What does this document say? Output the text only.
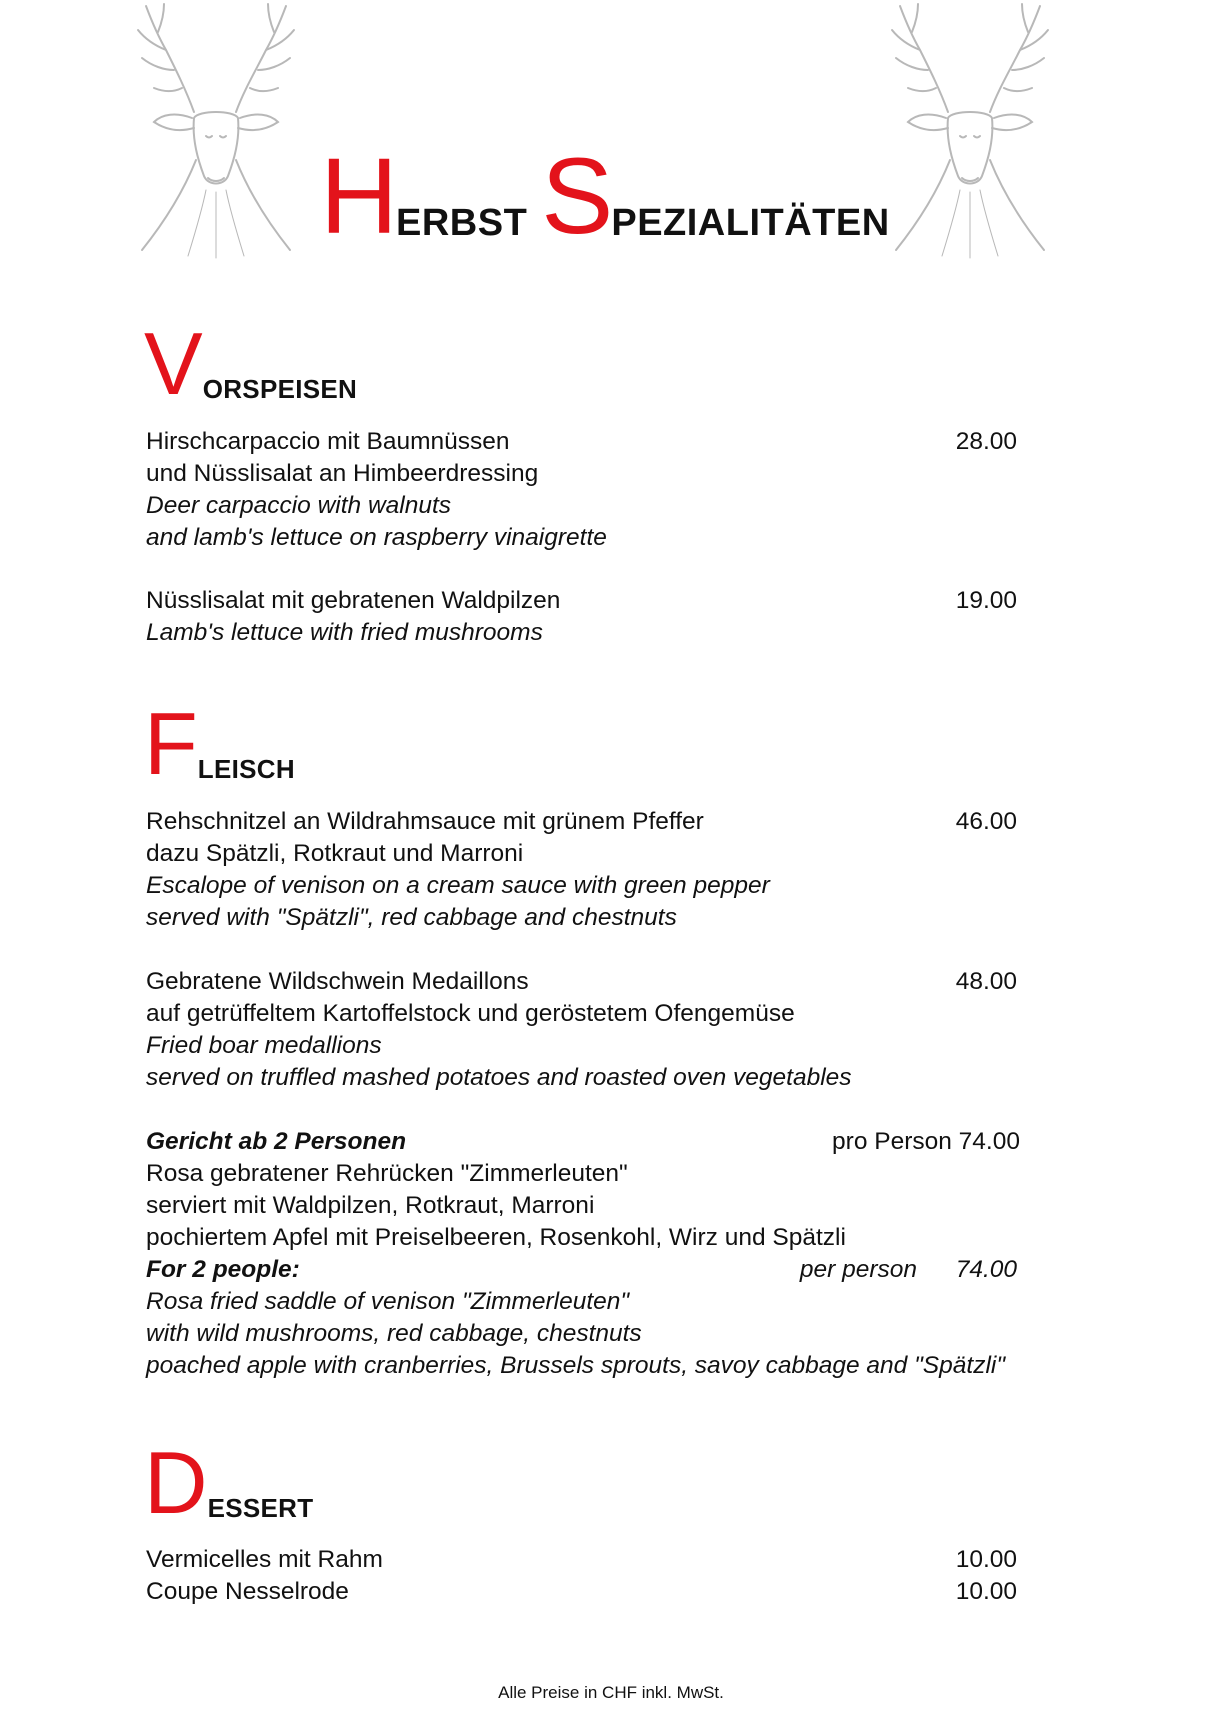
H ERBST S PEZIALITÄTEN
V ORSPEISEN
Hirschcarpaccio mit Baumnüssen	28.00
und Nüsslisalat an Himbeerdressing
Deer carpaccio with walnuts
and lamb's lettuce on raspberry vinaigrette
Nüsslisalat mit gebratenen Waldpilzen	19.00
Lamb's lettuce with fried mushrooms
F LEISCH
Rehschnitzel an Wildrahmsauce mit grünem Pfeffer	46.00
dazu Spätzli, Rotkraut und Marroni
Escalope of venison on a cream sauce with green pepper
served with "Spätzli", red cabbage and chestnuts
Gebratene Wildschwein Medaillons	48.00
auf getrüffeltem Kartoffelstock und geröstetem Ofengemüse
Fried boar medallions
served on truffled mashed potatoes and roasted oven vegetables
Gericht ab 2 Personen	pro Person 74.00
Rosa gebratener Rehrücken "Zimmerleuten"
serviert mit Waldpilzen, Rotkraut, Marroni
pochiertem Apfel mit Preiselbeeren, Rosenkohl, Wirz und Spätzli
For 2 people:	per person 74.00
Rosa fried saddle of venison "Zimmerleuten"
with wild mushrooms, red cabbage, chestnuts
poached apple with cranberries, Brussels sprouts, savoy cabbage and "Spätzli"
D ESSERT
Vermicelles mit Rahm	10.00
Coupe Nesselrode	10.00
Alle Preise in CHF inkl. MwSt.
